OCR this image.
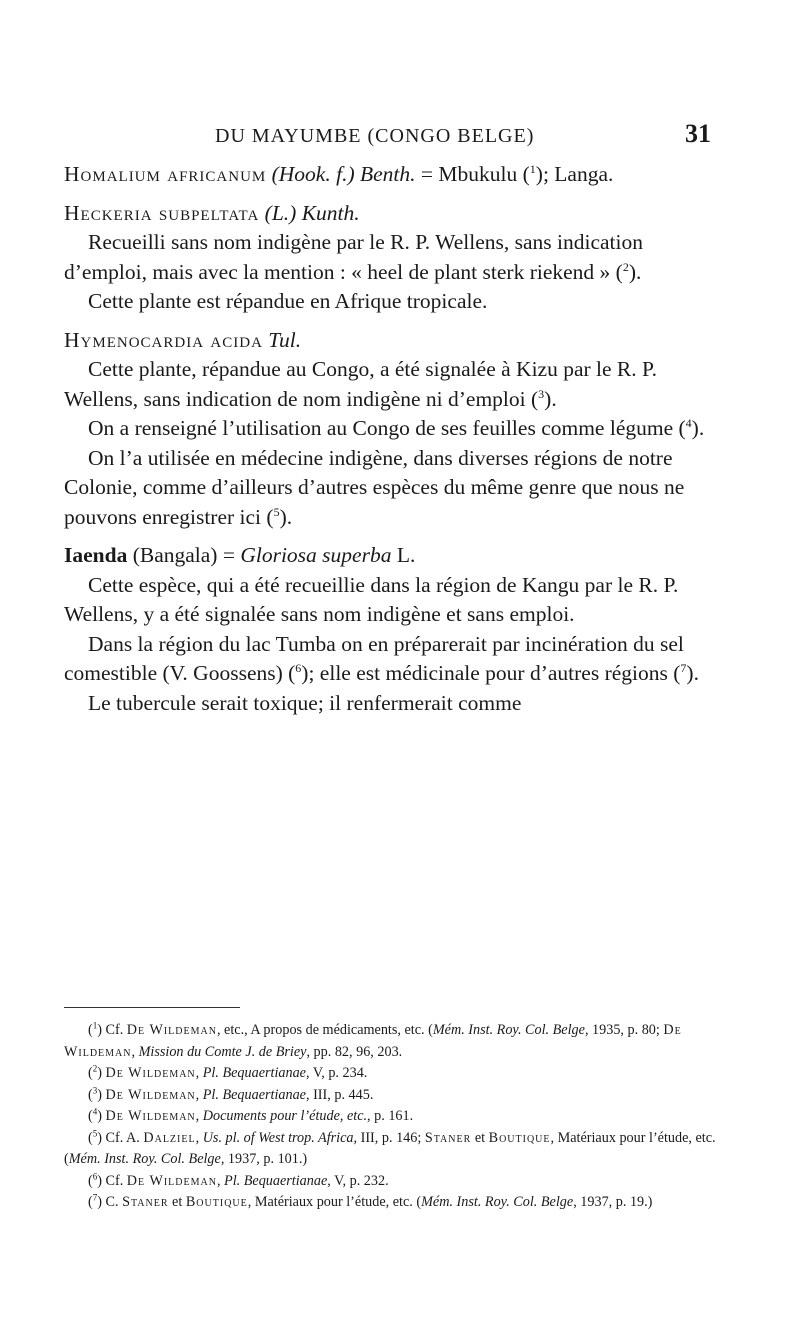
DU MAYUMBE (CONGO BELGE)	31

Homalium africanum (Hook. f.) Benth. = Mbukulu ($^1$); Langa.

Heckeria subpeltata (L.) Kunth.

Recueilli sans nom indigène par le R. P. Wellens, sans indication d’emploi, mais avec la mention : « heel de plant sterk riekend » ($^2$).

Cette plante est répandue en Afrique tropicale.

Hymenocardia acida Tul.

Cette plante, répandue au Congo, a été signalée à Kizu par le R. P. Wellens, sans indication de nom indigène ni d’emploi ($^3$).

On a renseigné l’utilisation au Congo de ses feuilles comme légume ($^4$).

On l’a utilisée en médecine indigène, dans diverses régions de notre Colonie, comme d’ailleurs d’autres espèces du même genre que nous ne pouvons enregistrer ici ($^5$).

Iaenda (Bangala) = Gloriosa superba L.

Cette espèce, qui a été recueillie dans la région de Kangu par le R. P. Wellens, y a été signalée sans nom indigène et sans emploi.

Dans la région du lac Tumba on en préparerait par incinération du sel comestible (V. Goossens) ($^6$); elle est médicinale pour d’autres régions ($^7$).

Le tubercule serait toxique; il renfermerait comme

($^1$) Cf. De Wildeman, etc., A propos de médicaments, etc. (Mém. Inst. Roy. Col. Belge, 1935, p. 80; De Wildeman, Mission du Comte J. de Briey, pp. 82, 96, 203.

($^2$) De Wildeman, Pl. Bequaertianae, V, p. 234.

($^3$) De Wildeman, Pl. Bequaertianae, III, p. 445.

($^4$) De Wildeman, Documents pour l’étude, etc., p. 161.

($^5$) Cf. A. Dalziel, Us. pl. of West trop. Africa, III, p. 146; Staner et Boutique, Matériaux pour l’étude, etc. (Mém. Inst. Roy. Col. Belge, 1937, p. 101.)

($^6$) Cf. De Wildeman, Pl. Bequaertianae, V, p. 232.

($^7$) C. Staner et Boutique, Matériaux pour l’étude, etc. (Mém. Inst. Roy. Col. Belge, 1937, p. 19.)
